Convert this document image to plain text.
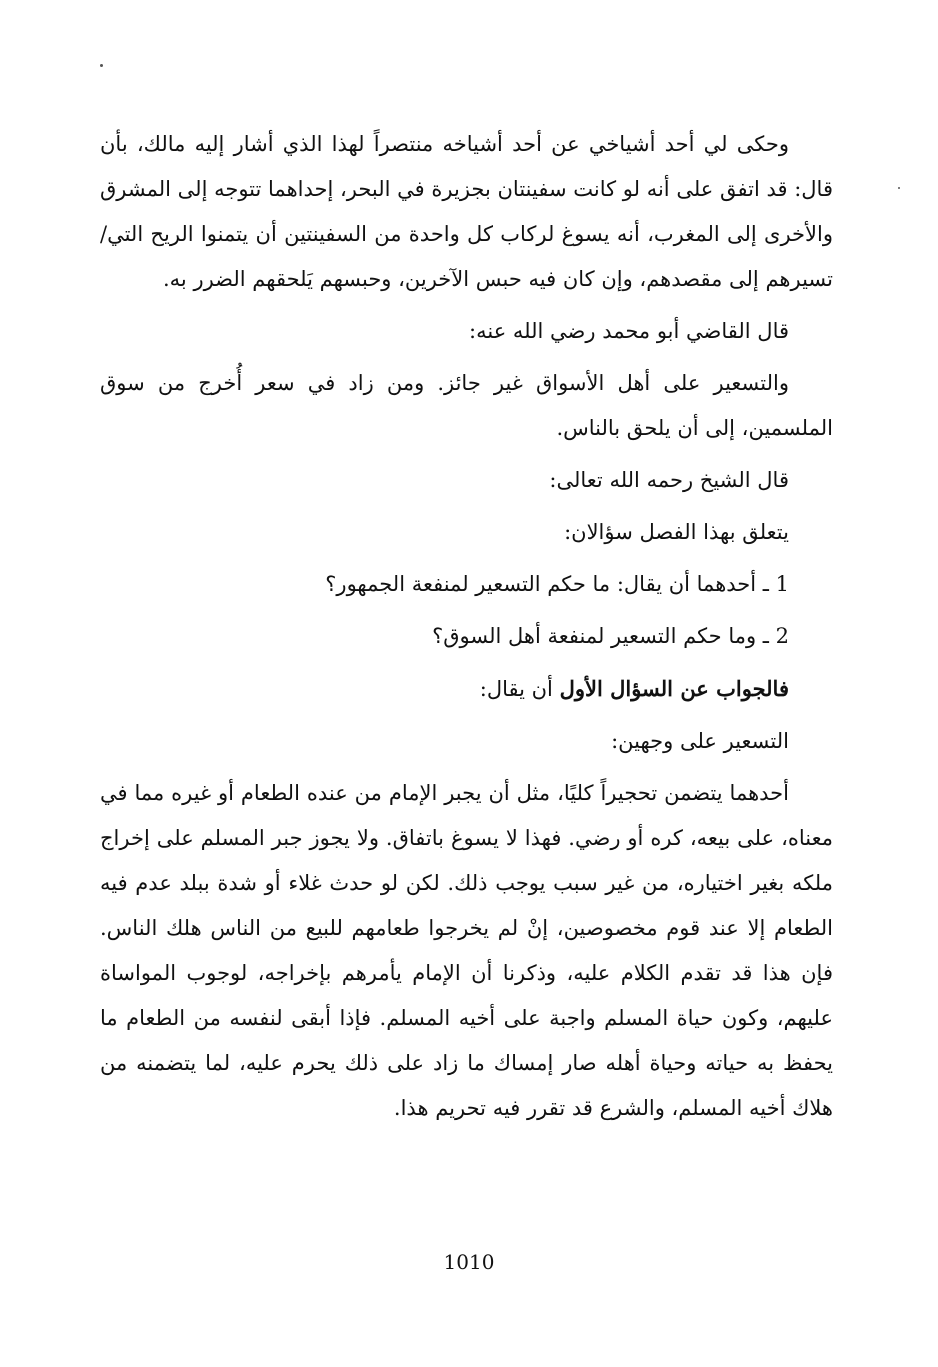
وحكى لي أحد أشياخي عن أحد أشياخه منتصراً لهذا الذي أشار إليه مالك، بأن قال: قد اتفق على أنه لو كانت سفينتان بجزيرة في البحر، إحداهما تتوجه إلى المشرق والأخرى إلى المغرب، أنه يسوغ لركاب كل واحدة من السفينتين أن يتمنوا الريح التي/ تسيرهم إلى مقصدهم، وإن كان فيه حبس الآخرين، وحبسهم يَلحقهم الضرر به.

قال القاضي أبو محمد رضي الله عنه:

والتسعير على أهل الأسواق غير جائز. ومن زاد في سعر أُخرج من سوق الملسمين، إلى أن يلحق بالناس.

قال الشيخ رحمه الله تعالى:

يتعلق بهذا الفصل سؤالان:

1 ـ أحدهما أن يقال: ما حكم التسعير لمنفعة الجمهور؟

2 ـ وما حكم التسعير لمنفعة أهل السوق؟

فالجواب عن السؤال الأول أن يقال:

التسعير على وجهين:

أحدهما يتضمن تحجيراً كليًا، مثل أن يجبر الإمام من عنده الطعام أو غيره مما في معناه، على بيعه، كره أو رضي. فهذا لا يسوغ باتفاق. ولا يجوز جبر المسلم على إخراج ملكه بغير اختياره، من غير سبب يوجب ذلك. لكن لو حدث غلاء أو شدة ببلد عدم فيه الطعام إلا عند قوم مخصوصين، إنْ لم يخرجوا طعامهم للبيع من الناس هلك الناس. فإن هذا قد تقدم الكلام عليه، وذكرنا أن الإمام يأمرهم بإخراجه، لوجوب المواساة عليهم، وكون حياة المسلم واجبة على أخيه المسلم. فإذا أبقى لنفسه من الطعام ما يحفظ به حياته وحياة أهله صار إمساك ما زاد على ذلك يحرم عليه، لما يتضمنه من هلاك أخيه المسلم، والشرع قد تقرر فيه تحريم هذا.

1010
